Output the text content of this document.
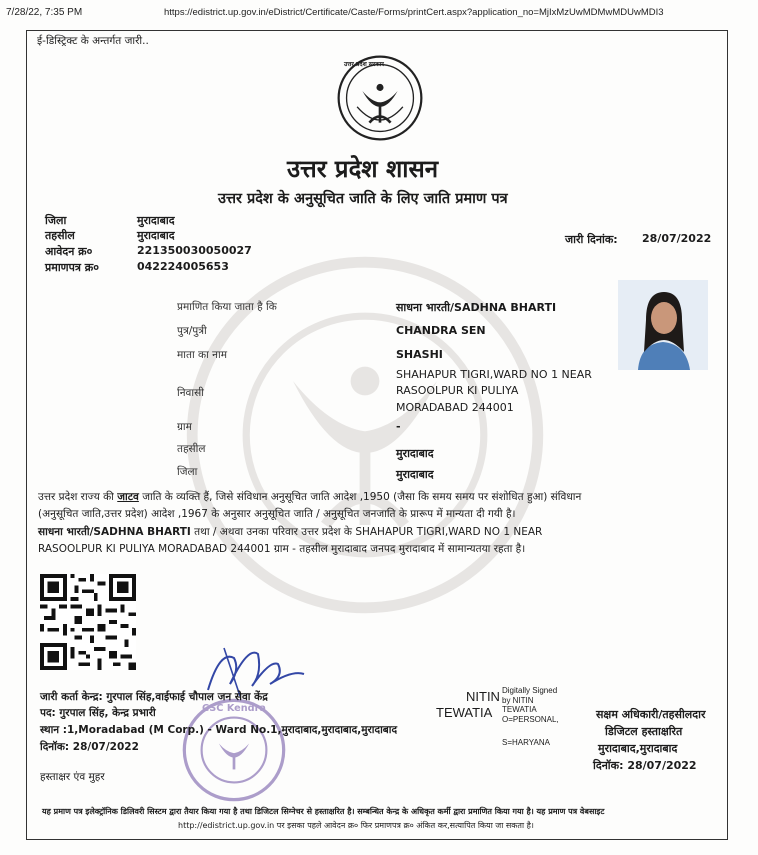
7/28/22, 7:35 PM	https://edistrict.up.gov.in/eDistrict/Certificate/Caste/Forms/printCert.aspx?application_no=MjIxMzUwMDMwMDUwMDI3
ई-डिस्ट्रिक्ट के अन्तर्गत जारी..
उत्तर प्रदेश सरकार
उत्तर प्रदेश शासन
उत्तर प्रदेश के अनुसूचित जाति के लिए जाति प्रमाण पत्र
जिला	मुरादाबाद
तहसील	मुरादाबाद
आवेदन क्र०	221350030050027
प्रमाणपत्र क्र०	042224005653
जारी दिनांक: 28/07/2022
प्रमाणित किया जाता है कि	साधना भारती/SADHNA BHARTI
पुत्र/पुत्री	CHANDRA SEN
माता का नाम	SHASHI
निवासी
SHAHAPUR TIGRI,WARD NO 1 NEAR
RASOOLPUR KI PULIYA
MORADABAD 244001
ग्राम	-
तहसील	मुरादाबाद
जिला	मुरादाबाद
उत्तर प्रदेश राज्य की जाटव जाति के व्यक्ति हैं, जिसे संविधान अनुसूचित जाति आदेश ,1950 (जैसा कि समय समय पर संशोधित हुआ) संविधान
(अनुसूचित जाति,उत्तर प्रदेश) आदेश ,1967 के अनुसार अनुसूचित जाति / अनुसूचित जनजाति के प्रारूप में मान्यता दी गयी है।
साधना भारती/SADHNA BHARTI तथा / अथवा उनका परिवार उत्तर प्रदेश के SHAHAPUR TIGRI,WARD NO 1 NEAR
RASOOLPUR KI PULIYA MORADABAD 244001 ग्राम - तहसील मुरादाबाद जनपद मुरादाबाद में सामान्यतया रहता है।
CSC Kendra
जारी कर्ता केन्द्र: गुरपाल सिंह,वाईफाई चौपाल जन सेवा केंद्र
पद: गुरपाल सिंह, केन्द्र प्रभारी
स्थान :1,Moradabad (M Corp.) - Ward No.1,मुरादाबाद,मुरादाबाद,मुरादाबाद
दिनॉक: 28/07/2022
हस्ताक्षर एंव मुहर
NITIN
TEWATIA
Digitally Signed
by NITIN
TEWATIA
O=PERSONAL,
S=HARYANA
सक्षम अधिकारी/तहसीलदार
डिजिटल हस्ताक्षरित
मुरादाबाद,मुरादाबाद
दिनॉक: 28/07/2022
यह प्रमाण पत्र इलेक्ट्रॉनिक डिलिवरी सिस्टम द्वारा तैयार किया गया है तथा डिजिटल सिग्नेचर से हस्ताक्षरित है। सम्बन्धित केन्द्र के अधिकृत कर्मी द्वारा प्रमाणित किया गया है। यह प्रमाण पत्र वेबसाइट
http://edistrict.up.gov.in पर इसका पहले आवेदन क्र० फिर प्रमाणपत्र क्र० अंकित कर,सत्यापित किया जा सकता है।
